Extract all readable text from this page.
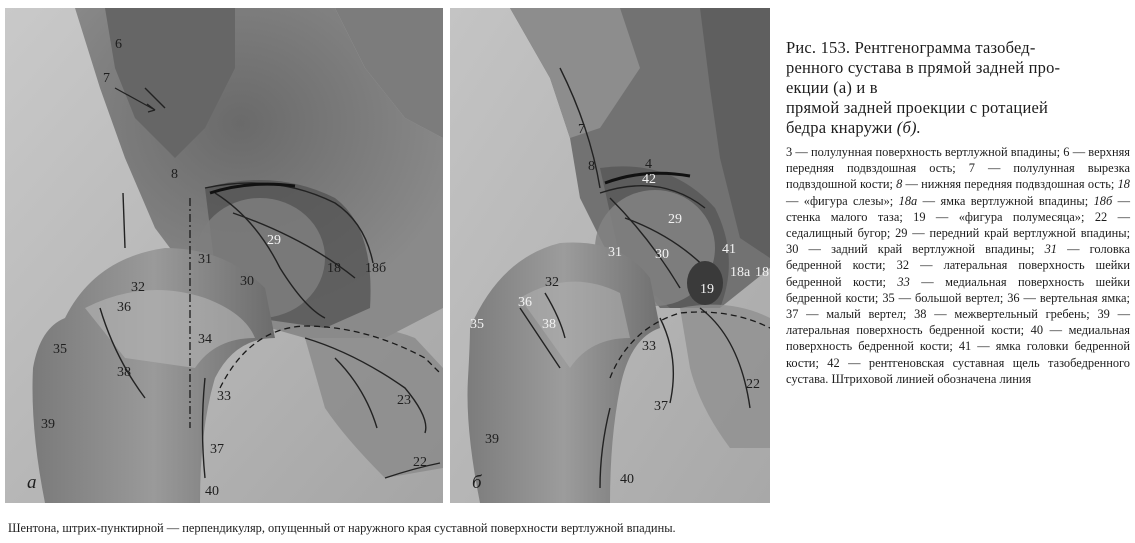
6
7
8
29
31
30
18 18б
32
36
34
35
38
33	23
39
37
22
40
а
7
8	4
42
29
31 30	41
18а 18
32	19
36
35	38
33
22
37
39
40
б

Рис. 153. Рентгенограмма тазобед-
ренного сустава в прямой задней про-
екции (а) и в
прямой задней проекции с ротацией
бедра кнаружи (б).

3 — полулунная поверхность вертлужной впадины; 6 — верхняя передняя подвздошная ость; 7 — полулунная вырезка подвздошной кости; 8 — нижняя передняя подвздошная ость; 18 — «фигура слезы»; 18а — ямка вертлужной впадины; 18б — стенка малого таза; 19 — «фигура полумесяца»; 22 — седалищный бугор; 29 — передний край вертлужной впадины; 30 — задний край вертлужной впадины; 31 — головка бедренной кости; 32 — латеральная поверхность шейки бедренной кости; 33 — медиальная поверхность шейки бедренной кости; 35 — большой вертел; 36 — вертельная ямка; 37 — малый вертел; 38 — межвертельный гребень; 39 — латеральная поверхность бедренной кости; 40 — медиальная поверхность бедренной кости; 41 — ямка головки бедренной кости; 42 — рентгеновская суставная щель тазобедренного сустава. Штриховой линией обозначена линия

Шентона, штрих-пунктирной — перпендикуляр, опущенный от наружного края суставной поверхности вертлужной впадины.
